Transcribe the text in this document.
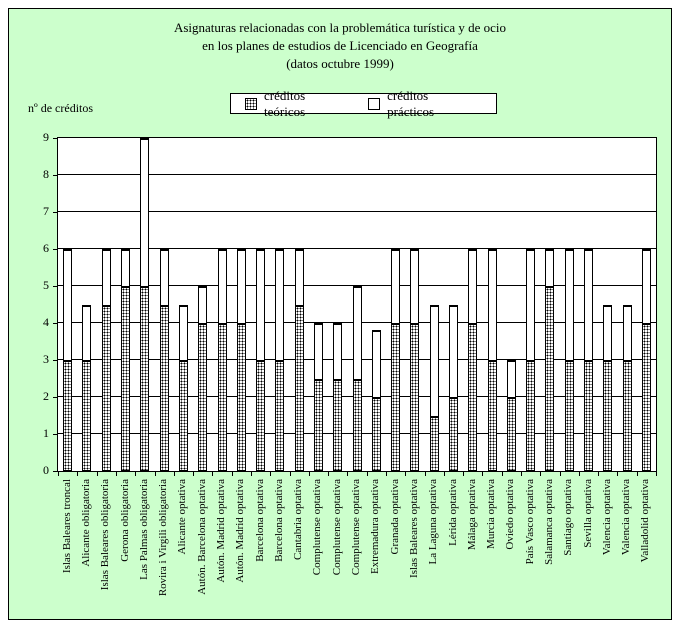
Asignaturas relacionadas con la problemática turística y de ocio
en los planes de estudios de Licenciado en Geografía
(datos octubre 1999)
nº de créditos
créditos teóricos
créditos prácticos
0
1
2
3
4
5
6
7
8
9
Islas Baleares troncal Alicante obligatoria Islas Baleares obligatoria Gerona obligatoria Las Palmas obligatoria Rovira i Virgili obligatoria Alicante optativa Autón. Barcelona optativa Autón. Madrid optativa Autón. Madrid optativa Barcelona optativa Barcelona optativa Cantabria optativa Complutense optativa Complutense optativa Complutense optativa Extremadura optativa Granada optativa Islas Baleares optativa La Laguna optativa Lérida optativa Málaga optativa Murcia optativa Oviedo optativa País Vasco optativa Salamanca optativa Santiago optativa Sevilla optativa Valencia optativa Valencia optativa Valladolid optativa
